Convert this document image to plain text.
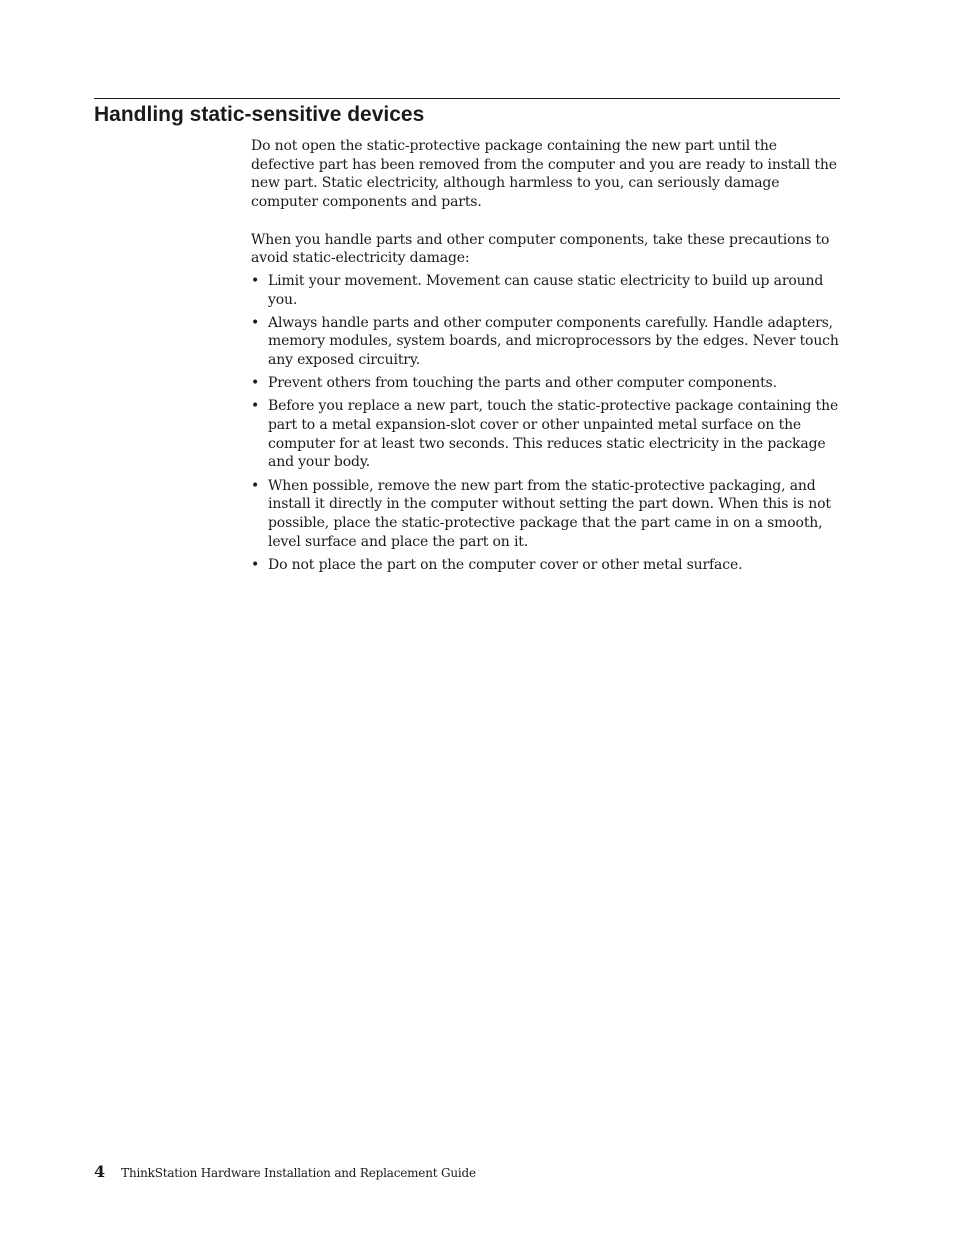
Handling static-sensitive devices

Do not open the static-protective package containing the new part until the defective part has been removed from the computer and you are ready to install the new part. Static electricity, although harmless to you, can seriously damage computer components and parts.

When you handle parts and other computer components, take these precautions to avoid static-electricity damage:

• Limit your movement. Movement can cause static electricity to build up around you.
• Always handle parts and other computer components carefully. Handle adapters, memory modules, system boards, and microprocessors by the edges. Never touch any exposed circuitry.
• Prevent others from touching the parts and other computer components.
• Before you replace a new part, touch the static-protective package containing the part to a metal expansion-slot cover or other unpainted metal surface on the computer for at least two seconds. This reduces static electricity in the package and your body.
• When possible, remove the new part from the static-protective packaging, and install it directly in the computer without setting the part down. When this is not possible, place the static-protective package that the part came in on a smooth, level surface and place the part on it.
• Do not place the part on the computer cover or other metal surface.
4 ThinkStation Hardware Installation and Replacement Guide
